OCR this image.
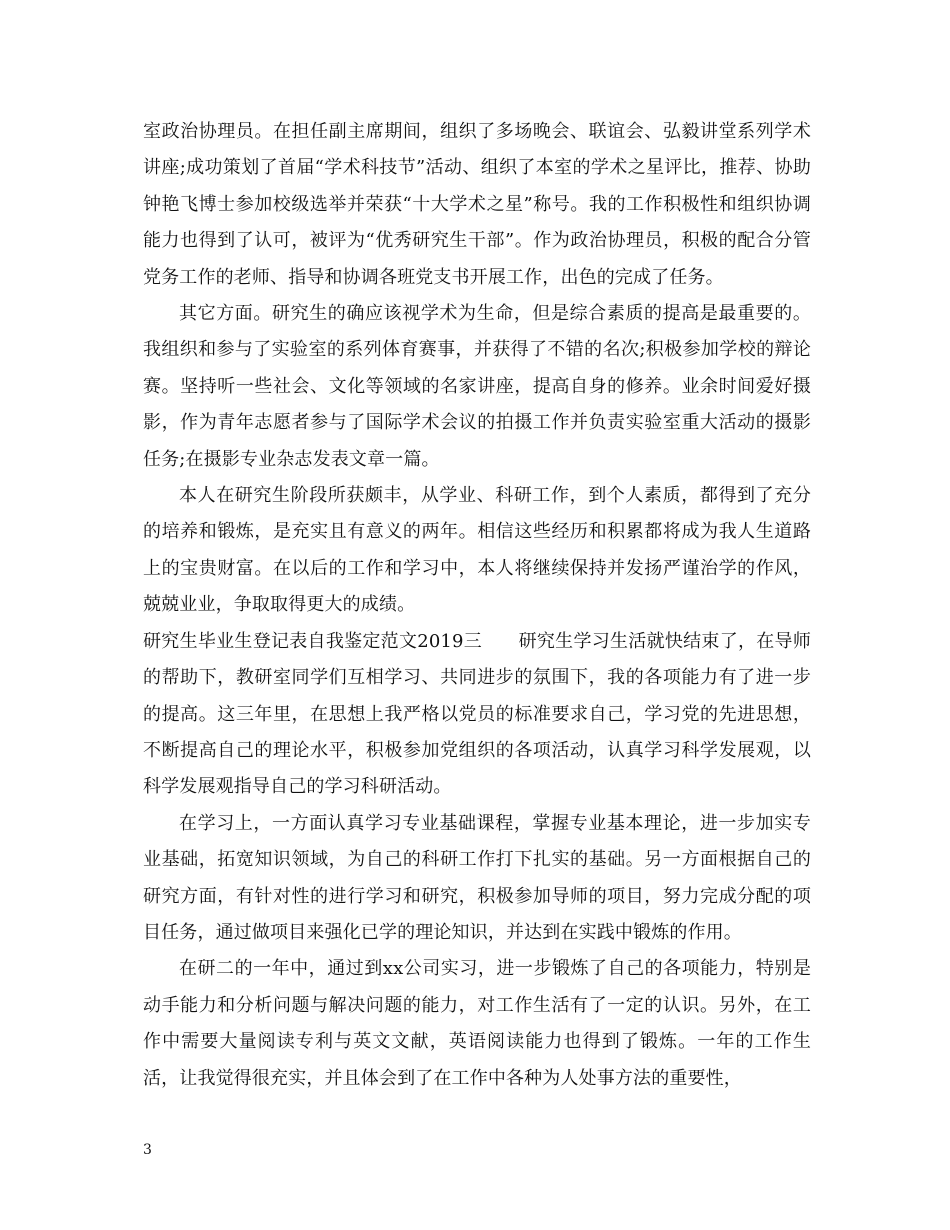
室政治协理员。在担任副主席期间，组织了多场晚会、联谊会、弘毅讲堂系列学术讲座;成功策划了首届“学术科技节”活动、组织了本室的学术之星评比，推荐、协助钟艳飞博士参加校级选举并荣获“十大学术之星”称号。我的工作积极性和组织协调能力也得到了认可，被评为“优秀研究生干部”。作为政治协理员，积极的配合分管党务工作的老师、指导和协调各班党支书开展工作，出色的完成了任务。

其它方面。研究生的确应该视学术为生命，但是综合素质的提高是最重要的。我组织和参与了实验室的系列体育赛事，并获得了不错的名次;积极参加学校的辩论赛。坚持听一些社会、文化等领域的名家讲座，提高自身的修养。业余时间爱好摄影，作为青年志愿者参与了国际学术会议的拍摄工作并负责实验室重大活动的摄影任务;在摄影专业杂志发表文章一篇。

本人在研究生阶段所获颇丰，从学业、科研工作，到个人素质，都得到了充分的培养和锻炼，是充实且有意义的两年。相信这些经历和积累都将成为我人生道路上的宝贵财富。在以后的工作和学习中，本人将继续保持并发扬严谨治学的作风，兢兢业业，争取取得更大的成绩。

研究生毕业生登记表自我鉴定范文2019三　　研究生学习生活就快结束了，在导师的帮助下，教研室同学们互相学习、共同进步的氛围下，我的各项能力有了进一步的提高。这三年里，在思想上我严格以党员的标准要求自己，学习党的先进思想，不断提高自己的理论水平，积极参加党组织的各项活动，认真学习科学发展观，以科学发展观指导自己的学习科研活动。

在学习上，一方面认真学习专业基础课程，掌握专业基本理论，进一步加实专业基础，拓宽知识领域，为自己的科研工作打下扎实的基础。另一方面根据自己的研究方面，有针对性的进行学习和研究，积极参加导师的项目，努力完成分配的项目任务，通过做项目来强化已学的理论知识，并达到在实践中锻炼的作用。

在研二的一年中，通过到xx公司实习，进一步锻炼了自己的各项能力，特别是动手能力和分析问题与解决问题的能力，对工作生活有了一定的认识。另外，在工作中需要大量阅读专利与英文文献，英语阅读能力也得到了锻炼。一年的工作生活，让我觉得很充实，并且体会到了在工作中各种为人处事方法的重要性，

3
